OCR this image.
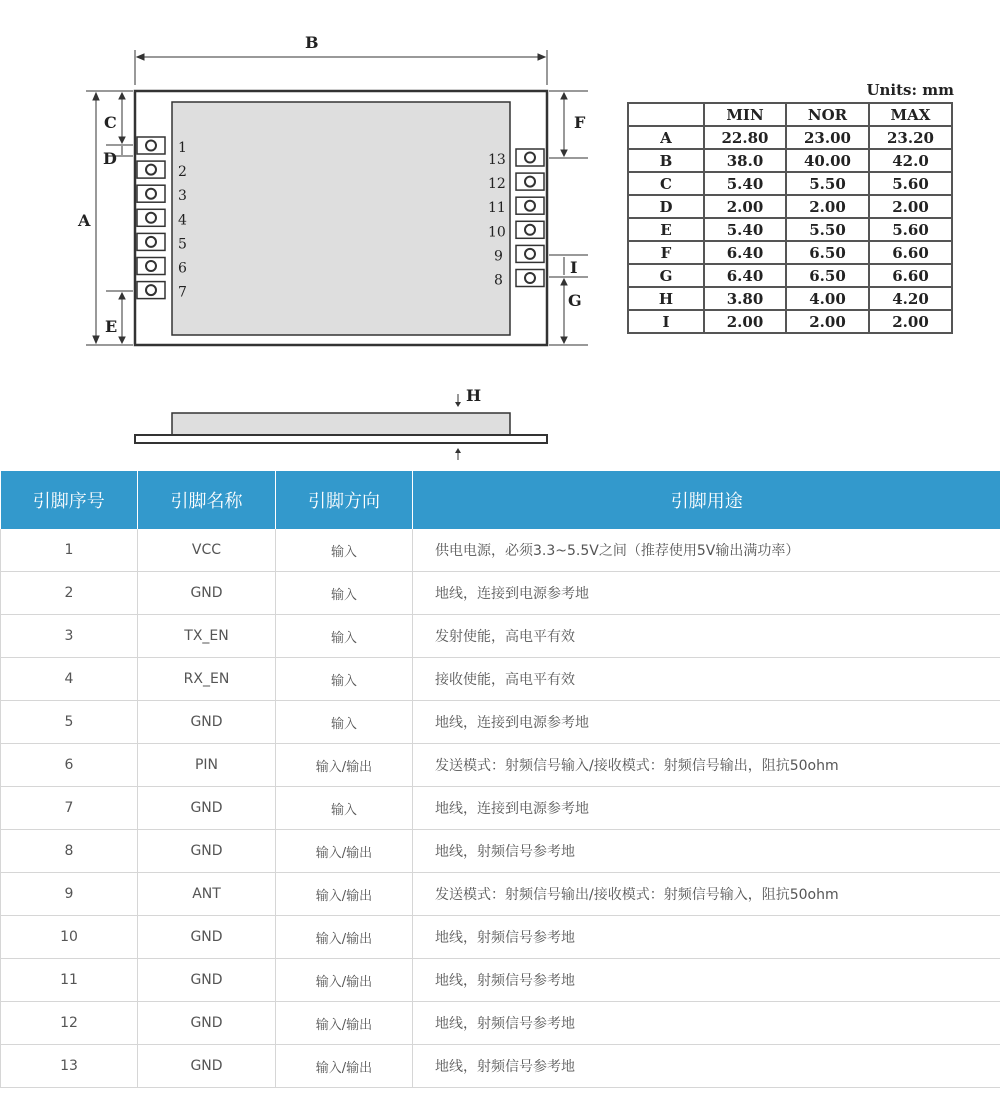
1
2
3
4
5
6
7
13
12
11
10
9
8
B
A
C
D
E
F
I
G
H
Units: mm
	MIN	NOR	MAX
A	22.80	23.00	23.20
B	38.0	40.00	42.0
C	5.40	5.50	5.60
D	2.00	2.00	2.00
E	5.40	5.50	5.60
F	6.40	6.50	6.60
G	6.40	6.50	6.60
H	3.80	4.00	4.20
I	2.00	2.00	2.00
引脚序号	引脚名称	引脚方向	引脚用途
1	VCC	输入	供电电源，必须3.3~5.5V之间（推荐使用5V输出满功率）
2	GND	输入	地线，连接到电源参考地
3	TX_EN	输入	发射使能，高电平有效
4	RX_EN	输入	接收使能，高电平有效
5	GND	输入	地线，连接到电源参考地
6	PIN	输入/输出	发送模式：射频信号输入/接收模式：射频信号输出，阻抗50ohm
7	GND	输入	地线，连接到电源参考地
8	GND	输入/输出	地线，射频信号参考地
9	ANT	输入/输出	发送模式：射频信号输出/接收模式：射频信号输入，阻抗50ohm
10	GND	输入/输出	地线，射频信号参考地
11	GND	输入/输出	地线，射频信号参考地
12	GND	输入/输出	地线，射频信号参考地
13	GND	输入/输出	地线，射频信号参考地
